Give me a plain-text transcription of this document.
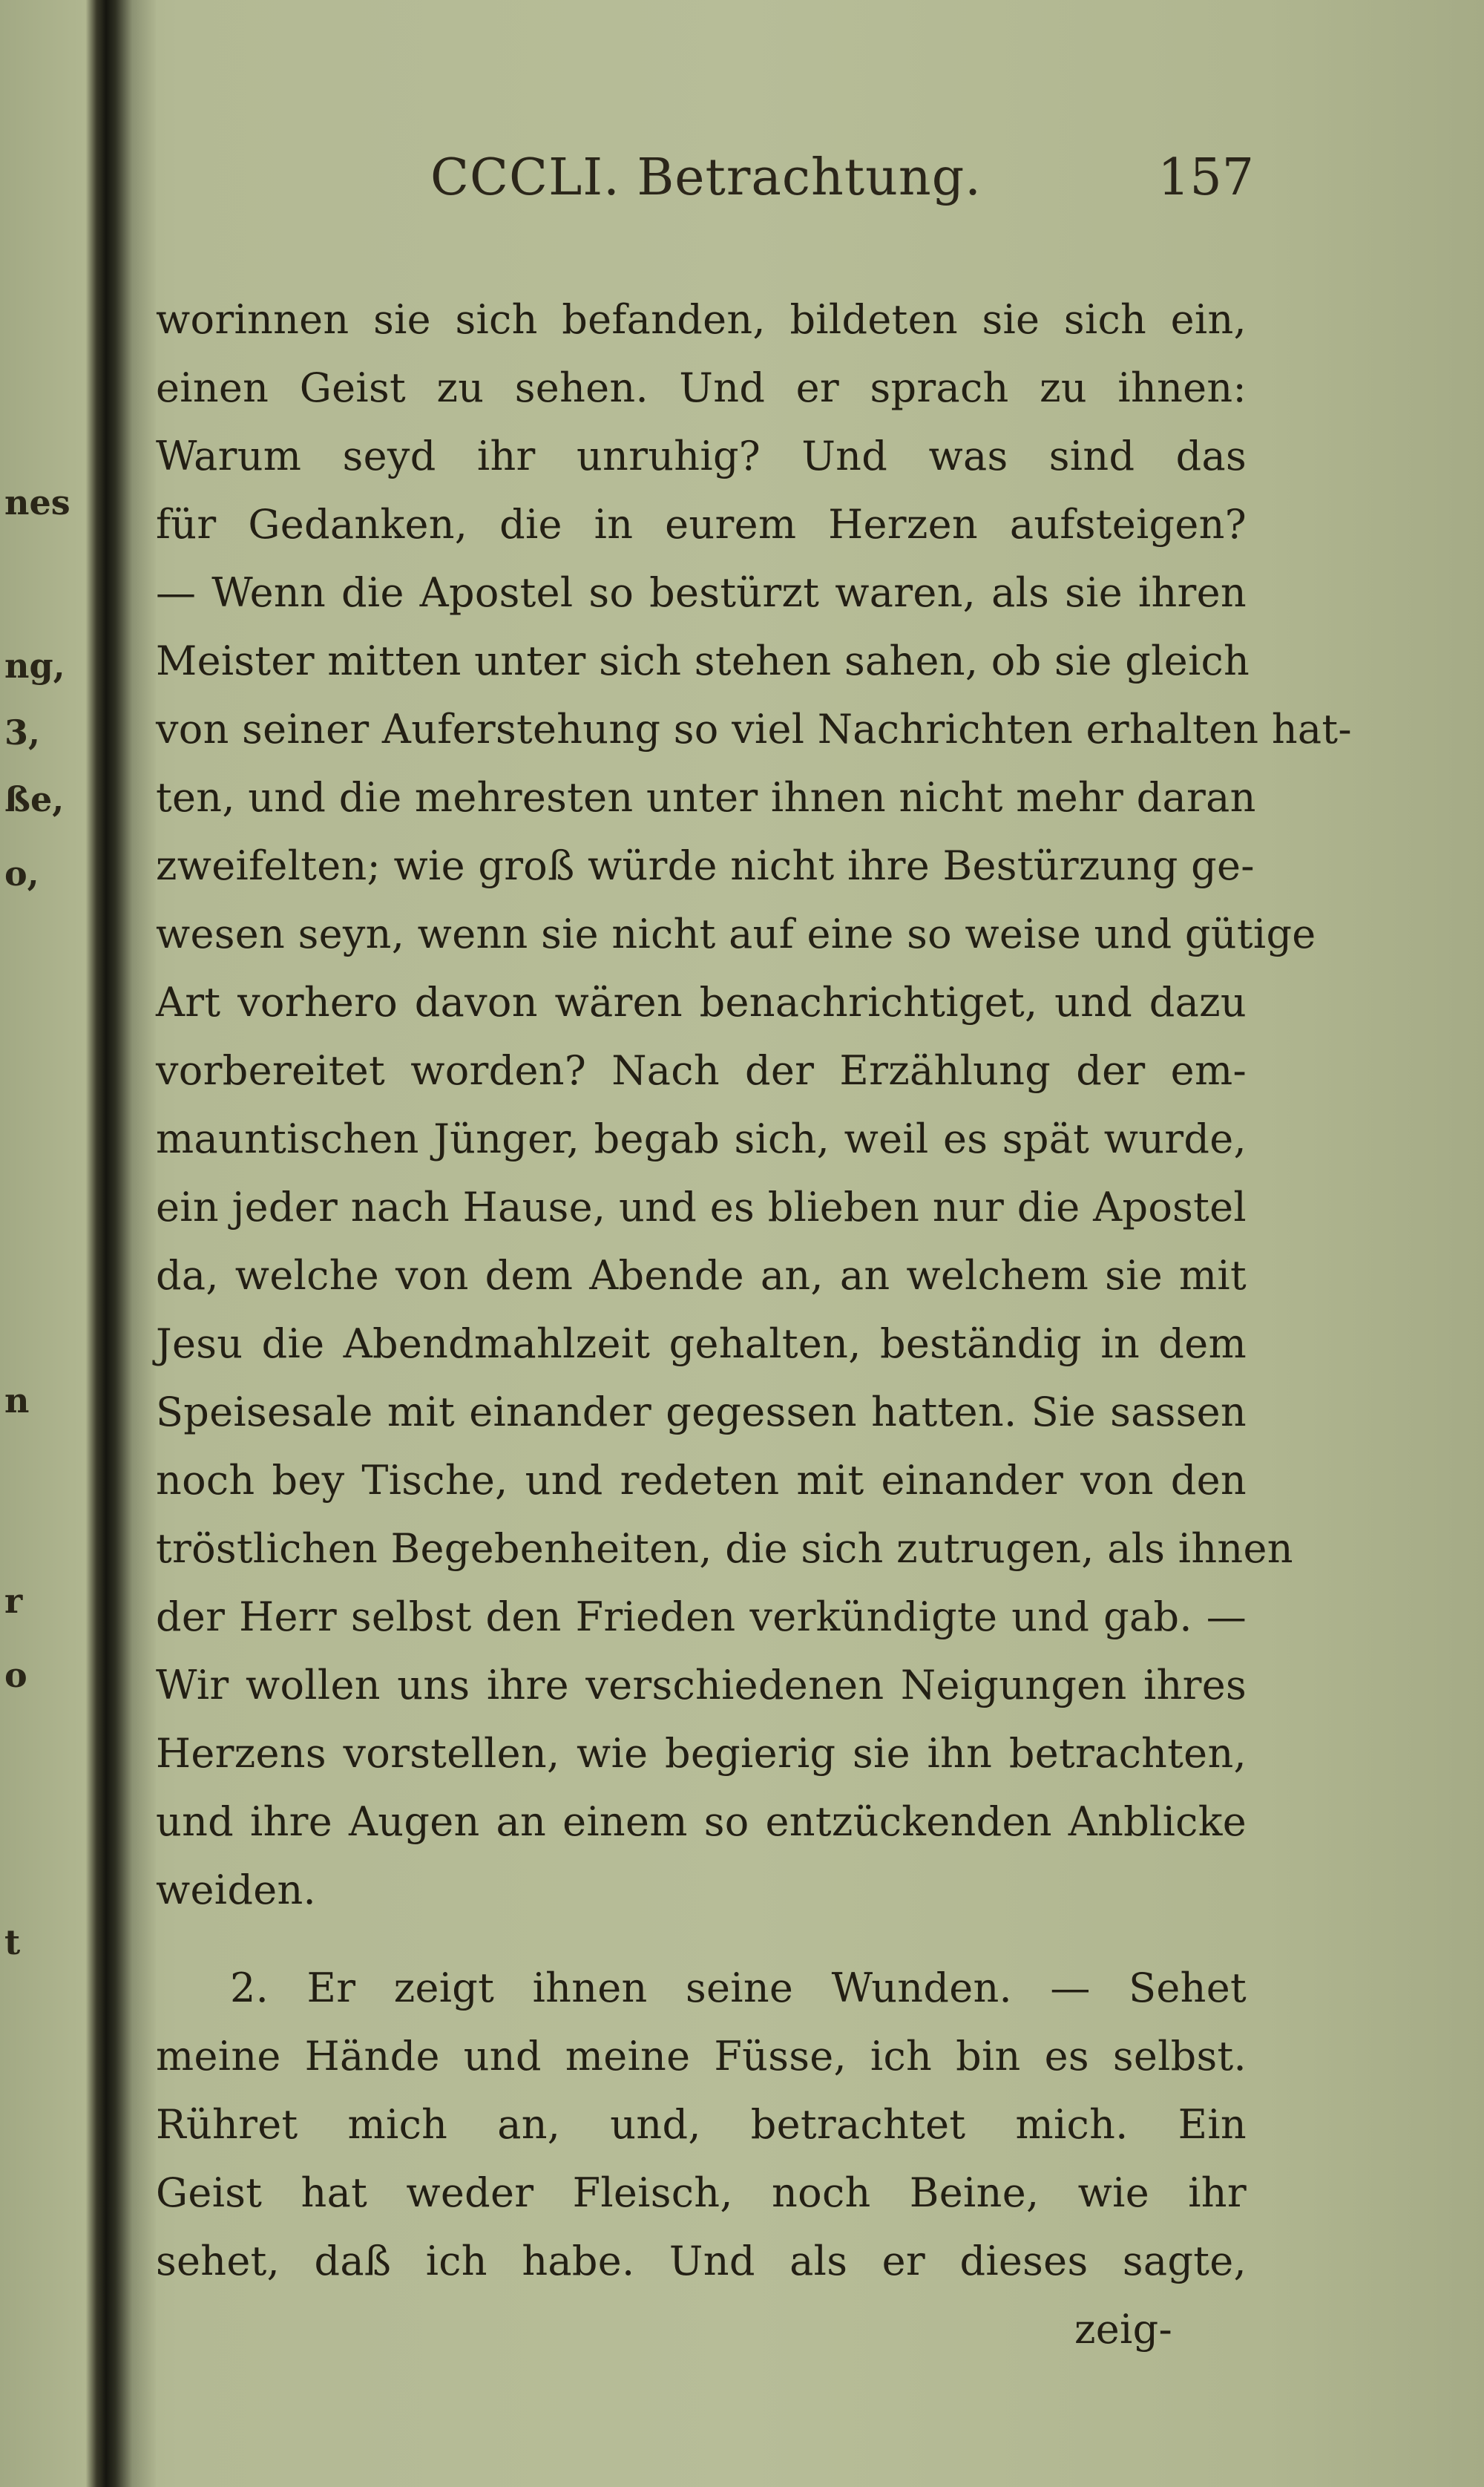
nes
ng,
3,
ße,
o,
n
r
o
t
CCCLI. Betrachtung.	157
worinnen sie sich befanden, bildeten sie sich ein,
einen Geist zu sehen. Und er sprach zu ihnen:
Warum seyd ihr unruhig? Und was sind das
für Gedanken, die in eurem Herzen aufsteigen?
— Wenn die Apostel so bestürzt waren, als sie ihren
Meister mitten unter sich stehen sahen, ob sie gleich
von seiner Auferstehung so viel Nachrichten erhalten hat-
ten, und die mehresten unter ihnen nicht mehr daran
zweifelten; wie groß würde nicht ihre Bestürzung ge-
wesen seyn, wenn sie nicht auf eine so weise und gütige
Art vorhero davon wären benachrichtiget, und dazu
vorbereitet worden? Nach der Erzählung der em-
mauntischen Jünger, begab sich, weil es spät wurde,
ein jeder nach Hause, und es blieben nur die Apostel
da, welche von dem Abende an, an welchem sie mit
Jesu die Abendmahlzeit gehalten, beständig in dem
Speisesale mit einander gegessen hatten. Sie sassen
noch bey Tische, und redeten mit einander von den
tröstlichen Begebenheiten, die sich zutrugen, als ihnen
der Herr selbst den Frieden verkündigte und gab. —
Wir wollen uns ihre verschiedenen Neigungen ihres
Herzens vorstellen, wie begierig sie ihn betrachten,
und ihre Augen an einem so entzückenden Anblicke
weiden.
2. Er zeigt ihnen seine Wunden. — Sehet
meine Hände und meine Füsse, ich bin es selbst.
Rühret mich an, und, betrachtet mich. Ein
Geist hat weder Fleisch, noch Beine, wie ihr
sehet, daß ich habe. Und als er dieses sagte,
zeig-
